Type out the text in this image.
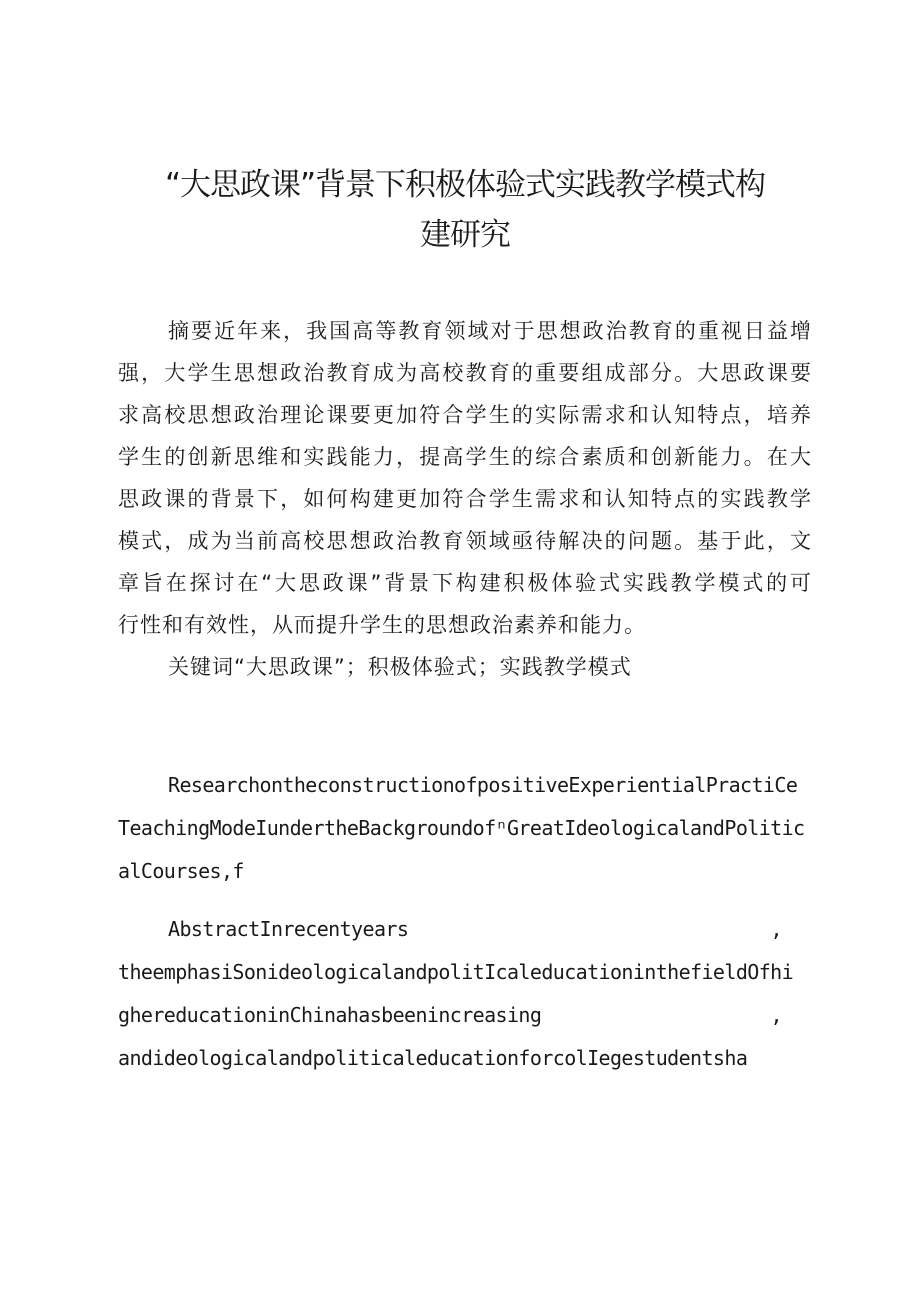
“大思政课”背景下积极体验式实践教学模式构
建研究
摘要近年来，我国高等教育领域对于思想政治教育的重视日益增
强，大学生思想政治教育成为高校教育的重要组成部分。大思政课要
求高校思想政治理论课要更加符合学生的实际需求和认知特点，培养
学生的创新思维和实践能力，提高学生的综合素质和创新能力。在大
思政课的背景下，如何构建更加符合学生需求和认知特点的实践教学
模式，成为当前高校思想政治教育领域亟待解决的问题。基于此，文
章旨在探讨在“大思政课”背景下构建积极体验式实践教学模式的可
行性和有效性，从而提升学生的思想政治素养和能力。
关键词“大思政课”；积极体验式；实践教学模式
ResearchontheconstructionofpositiveExperientialPractiCe
TeachingModeIundertheBackgroundofⁿGreatIdeologicalandPolitic
alCourses,f
AbstractInrecentyears	,
theemphasiSonideologicalandpolitIcaleducationinthefieldOfhi
ghereducationinChinahasbeenincreasing	,
andideologicalandpoliticaleducationforcolIegestudentsha
